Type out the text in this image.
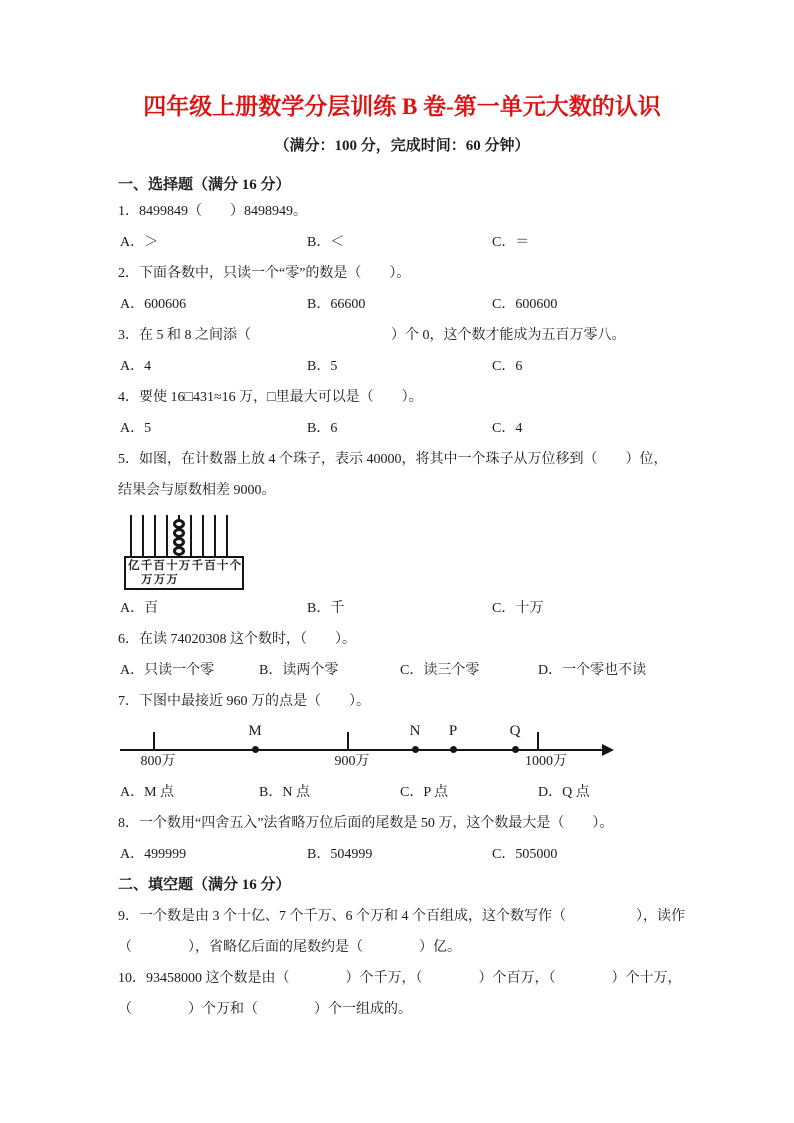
四年级上册数学分层训练 B 卷-第一单元大数的认识
（满分：100 分，完成时间：60 分钟）
一、选择题（满分 16 分）
1．8499849（　　）8498949。
A．＞	B．＜	C．＝
2．下面各数中，只读一个“零”的数是（　　）。
A．600606	B．66600	C．600600
3．在 5 和 8 之间添（　　　　　　　　　　）个 0，这个数才能成为五百万零八。
A．4	B．5	C．6
4．要使 16□431≈16 万，□里最大可以是（　　）。
A．5	B．6	C．4
5．如图，在计数器上放 4 个珠子，表示 40000，将其中一个珠子从万位移到（　　）位，
结果会与原数相差 9000。
亿千百十万千百十个
万万万
A．百	B．千	C．十万
6．在读 74020308 这个数时，（　　）。
A．只读一个零	B．读两个零	C．读三个零	D．一个零也不读
7．下图中最接近 960 万的点是（　　）。
800万	900万	1000万
M	N P	Q
A．M 点	B．N 点	C．P 点	D．Q 点
8．一个数用“四舍五入”法省略万位后面的尾数是 50 万，这个数最大是（　　）。
A．499999	B．504999	C．505000
二、填空题（满分 16 分）
9．一个数是由 3 个十亿、7 个千万、6 个万和 4 个百组成，这个数写作（　　　　　），读作
（　　　　），省略亿后面的尾数约是（　　　　）亿。
10．93458000 这个数是由（　　　　）个千万，（　　　　）个百万，（　　　　）个十万，
（　　　　）个万和（　　　　）个一组成的。
